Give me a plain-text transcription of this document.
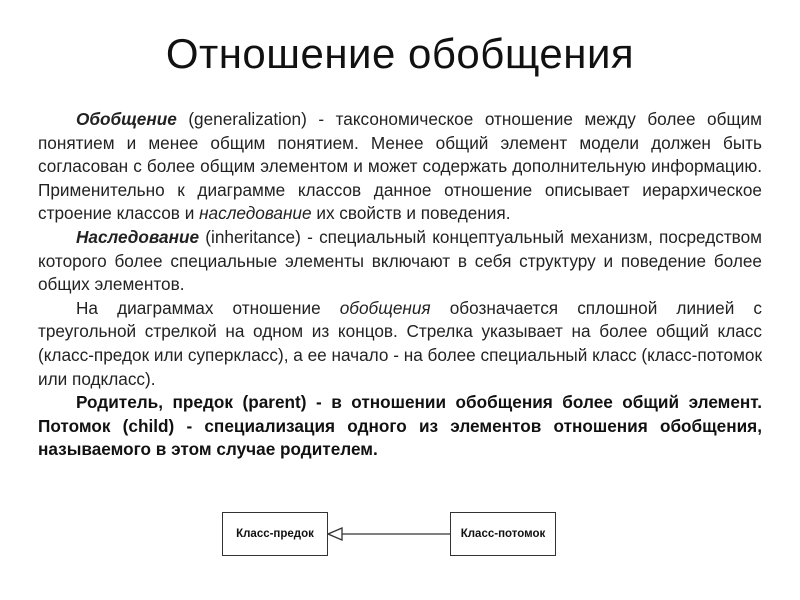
Отношение обобщения

Обобщение (generalization) - таксономическое отношение между более общим понятием и менее общим понятием. Менее общий элемент модели должен быть согласован с более общим элементом и может содержать дополнительную информацию. Применительно к диаграмме классов данное отношение описывает иерархическое строение классов и наследование их свойств и поведения.

Наследование (inheritance) - специальный концептуальный механизм, посредством которого более специальные элементы включают в себя структуру и поведение более общих элементов.

На диаграммах отношение обобщения обозначается сплошной линией с треугольной стрелкой на одном из концов. Стрелка указывает на более общий класс (класс-предок или суперкласс), а ее начало - на более специальный класс (класс-потомок или подкласс).

Родитель, предок (parent) - в отношении обобщения более общий элемент. Потомок (child) - специализация одного из элементов отношения обобщения, называемого в этом случае родителем.

Класс-предок	Класс-потомок
